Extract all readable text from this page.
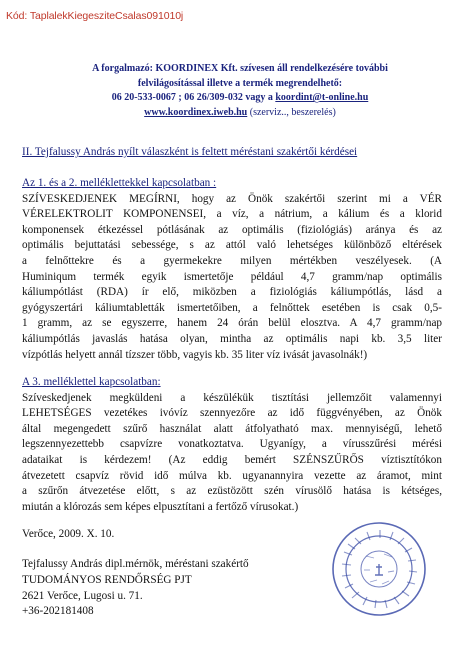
Kód: TaplalekKiegesziteCsalas091010j
A forgalmazó: KOORDINEX Kft. szívesen áll rendelkezésére további
felvilágosítással illetve a termék megrendelhető:
06 20-533-0067 ; 06 26/309-032 vagy a koordint@t-online.hu
www.koordinex.iweb.hu (szerviz.., beszerelés)
II. Tejfalussy András nyílt válaszként is feltett méréstani szakértői kérdései
Az 1. és a 2. melléklettekkel kapcsolatban :
SZÍVESKEDJENEK MEGÍRNI, hogy az Önök szakértői szerint mi a VÉR
VÉRELEKTROLIT KOMPONENSEI, a víz, a nátrium, a kálium és a klorid
komponensek étkezéssel pótlásának az optimális (fiziológiás) aránya és az
optimális bejuttatási sebessége, s az attól való lehetséges különböző eltérések
a felnőttekre és a gyermekekre milyen mértékben veszélyesek. (A
Huminiqum termék egyik ismertetője például 4,7 gramm/nap optimális
káliumpótlást (RDA) ír elő, miközben a fiziológiás káliumpótlás, lásd a
gyógyszertári káliumtabletták ismertetőiben, a felnőttek esetében is csak 0,5-
1 gramm, az se egyszerre, hanem 24 órán belül elosztva. A 4,7 gramm/nap
káliumpótlás javaslás hatása olyan, mintha az optimális napi kb. 3,5 liter
vízpótlás helyett annál tízszer több, vagyis kb. 35 liter víz ivását javasolnák!)
A 3. melléklettel kapcsolatban:
Szíveskedjenek megküldeni a készülékük tisztítási jellemzőit valamennyi
LEHETSÉGES vezetékes ivóvíz szennyezőre az idő függvényében, az Önök
által megengedett szűrő használat alatt átfolyatható max. mennyiségű, lehető
legszennyezettebb csapvízre vonatkoztatva. Ugyanígy, a vírusszűrési mérési
adataikat is kérdezem! (Az eddig bemért SZÉNSZŰRŐS víztisztítókon
átvezetett csapvíz rövid idő múlva kb. ugyanannyira vezette az áramot, mint
a szűrőn átvezetése előtt, s az ezüstözött szén vírusölő hatása is kétséges,
miután a klórozás sem képes elpusztítani a fertőző vírusokat.)
Verőce, 2009. X. 10.
Tejfalussy András dipl.mérnök, méréstani szakértő
TUDOMÁNYOS RENDŐRSÉG PJT
2621 Verőce, Lugosi u. 71.
+36-202181408
